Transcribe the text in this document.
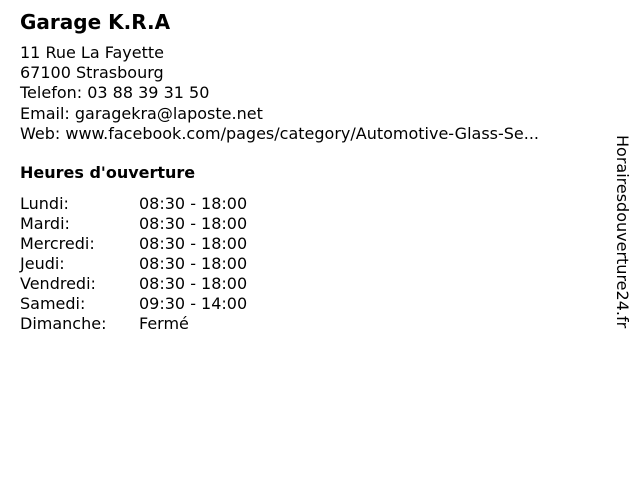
Garage K.R.A
11 Rue La Fayette
67100 Strasbourg
Telefon: 03 88 39 31 50
Email: garagekra@laposte.net
Web: www.facebook.com/pages/category/Automotive-Glass-Se...
Heures d'ouverture
Lundi:	08:30 - 18:00
Mardi:	08:30 - 18:00
Mercredi:	08:30 - 18:00
Jeudi:	08:30 - 18:00
Vendredi:	08:30 - 18:00
Samedi:	09:30 - 14:00
Dimanche: Fermé	Horairesdouverture24.fr
